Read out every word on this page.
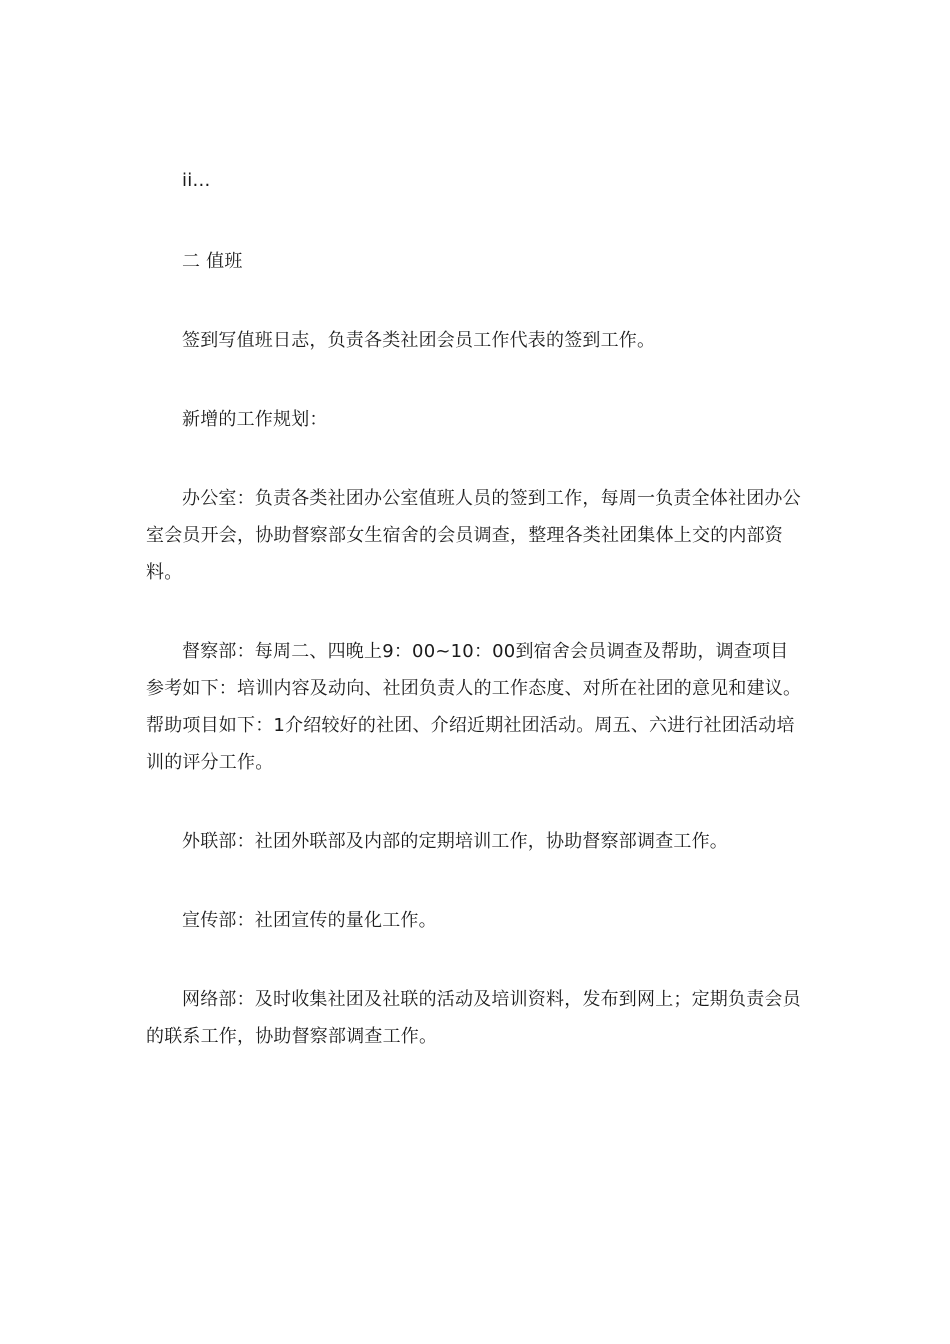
ii…

二 值班

签到写值班日志，负责各类社团会员工作代表的签到工作。

新增的工作规划：

办公室：负责各类社团办公室值班人员的签到工作，每周一负责全体社团办公室会员开会，协助督察部女生宿舍的会员调查，整理各类社团集体上交的内部资料。

督察部：每周二、四晚上9：00~10：00到宿舍会员调查及帮助，调查项目参考如下：培训内容及动向、社团负责人的工作态度、对所在社团的意见和建议。帮助项目如下：1介绍较好的社团、介绍近期社团活动。周五、六进行社团活动培训的评分工作。

外联部：社团外联部及内部的定期培训工作，协助督察部调查工作。

宣传部：社团宣传的量化工作。

网络部：及时收集社团及社联的活动及培训资料，发布到网上；定期负责会员的联系工作，协助督察部调查工作。
